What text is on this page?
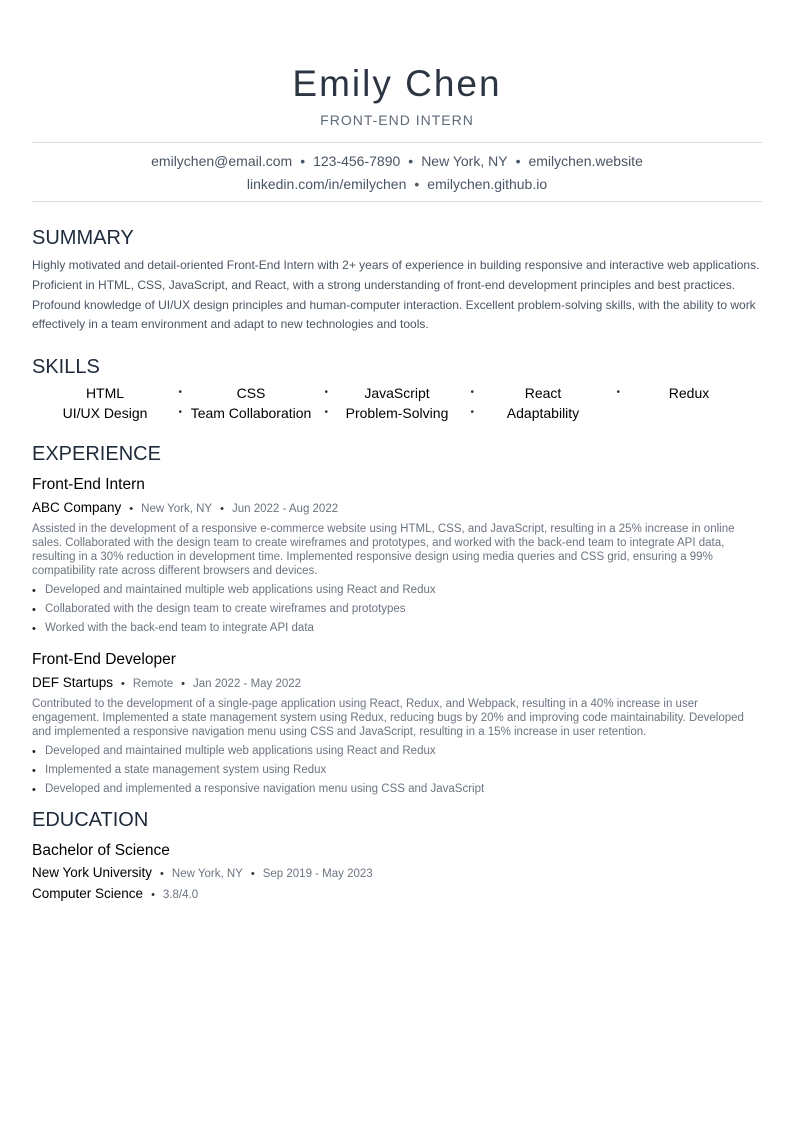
Emily Chen
FRONT-END INTERN
emilychen@email.com • 123-456-7890 • New York, NY • emilychen.website
linkedin.com/in/emilychen • emilychen.github.io
SUMMARY

Highly motivated and detail-oriented Front-End Intern with 2+ years of experience in building responsive and interactive web applications. Proficient in HTML, CSS, JavaScript, and React, with a strong understanding of front-end development principles and best practices. Profound knowledge of UI/UX design principles and human-computer interaction. Excellent problem-solving skills, with the ability to work effectively in a team environment and adapt to new technologies and tools.

SKILLS
HTML •	CSS •	JavaScript •	React •	Redux
UI/UX Design •	Team Collaboration •	Problem-Solving •	Adaptability
EXPERIENCE
Front-End Intern
ABC Company • New York, NY • Jun 2022 - Aug 2022
Assisted in the development of a responsive e-commerce website using HTML, CSS, and JavaScript, resulting in a 25% increase in online sales. Collaborated with the design team to create wireframes and prototypes, and worked with the back-end team to integrate API data, resulting in a 30% reduction in development time. Implemented responsive design using media queries and CSS grid, ensuring a 99% compatibility rate across different browsers and devices.
• Developed and maintained multiple web applications using React and Redux
• Collaborated with the design team to create wireframes and prototypes
• Worked with the back-end team to integrate API data
Front-End Developer
DEF Startups • Remote • Jan 2022 - May 2022
Contributed to the development of a single-page application using React, Redux, and Webpack, resulting in a 40% increase in user engagement. Implemented a state management system using Redux, reducing bugs by 20% and improving code maintainability. Developed and implemented a responsive navigation menu using CSS and JavaScript, resulting in a 15% increase in user retention.
• Developed and maintained multiple web applications using React and Redux
• Implemented a state management system using Redux
• Developed and implemented a responsive navigation menu using CSS and JavaScript
EDUCATION
Bachelor of Science
New York University • New York, NY • Sep 2019 - May 2023
Computer Science • 3.8/4.0
